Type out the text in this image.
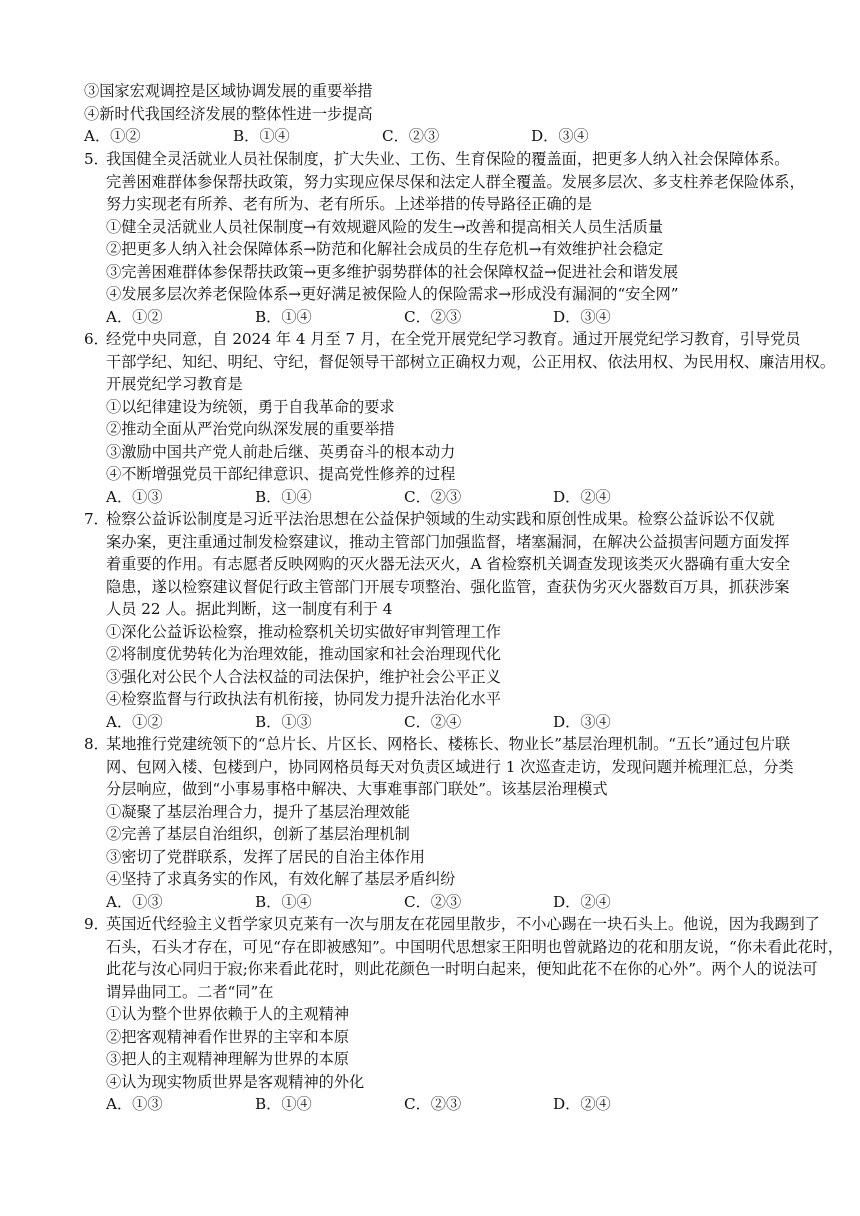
③国家宏观调控是区域协调发展的重要举措
④新时代我国经济发展的整体性进一步提高
A．①②	B．①④	C．②③	D．③④
5．我国健全灵活就业人员社保制度，扩大失业、工伤、生育保险的覆盖面，把更多人纳入社会保障体系。
完善困难群体参保帮扶政策，努力实现应保尽保和法定人群全覆盖。发展多层次、多支柱养老保险体系，
努力实现老有所养、老有所为、老有所乐。上述举措的传导路径正确的是
①健全灵活就业人员社保制度→有效规避风险的发生→改善和提高相关人员生活质量
②把更多人纳入社会保障体系→防范和化解社会成员的生存危机→有效维护社会稳定
③完善困难群体参保帮扶政策→更多维护弱势群体的社会保障权益→促进社会和谐发展
④发展多层次养老保险体系→更好满足被保险人的保险需求→形成没有漏洞的“安全网”
A．①②	B．①④	C．②③	D．③④
6．经党中央同意，自 2024 年 4 月至 7 月，在全党开展党纪学习教育。通过开展党纪学习教育，引导党员
干部学纪、知纪、明纪、守纪，督促领导干部树立正确权力观，公正用权、依法用权、为民用权、廉洁用权。
开展党纪学习教育是
①以纪律建设为统领，勇于自我革命的要求
②推动全面从严治党向纵深发展的重要举措
③激励中国共产党人前赴后继、英勇奋斗的根本动力
④不断增强党员干部纪律意识、提高党性修养的过程
A．①③	B．①④	C．②③	D．②④
7．检察公益诉讼制度是习近平法治思想在公益保护领域的生动实践和原创性成果。检察公益诉讼不仅就
案办案，更注重通过制发检察建议，推动主管部门加强监督，堵塞漏洞，在解决公益损害问题方面发挥
着重要的作用。有志愿者反映网购的灭火器无法灭火，A 省检察机关调查发现该类灭火器确有重大安全
隐患，遂以检察建议督促行政主管部门开展专项整治、强化监管，查获伪劣灭火器数百万具，抓获涉案
人员 22 人。据此判断，这一制度有利于 4
①深化公益诉讼检察，推动检察机关切实做好审判管理工作
②将制度优势转化为治理效能，推动国家和社会治理现代化
③强化对公民个人合法权益的司法保护，维护社会公平正义
④检察监督与行政执法有机衔接，协同发力提升法治化水平
A．①②	B．①③	C．②④	D．③④
8．某地推行党建统领下的“总片长、片区长、网格长、楼栋长、物业长”基层治理机制。“五长”通过包片联
网、包网入楼、包楼到户，协同网格员每天对负责区域进行 1 次巡查走访，发现问题并梳理汇总，分类
分层响应，做到“小事易事格中解决、大事难事部门联处”。该基层治理模式
①凝聚了基层治理合力，提升了基层治理效能
②完善了基层自治组织，创新了基层治理机制
③密切了党群联系，发挥了居民的自治主体作用
④坚持了求真务实的作风，有效化解了基层矛盾纠纷
A．①③	B．①④	C．②③	D．②④
9．英国近代经验主义哲学家贝克莱有一次与朋友在花园里散步，不小心踢在一块石头上。他说，因为我踢到了
石头，石头才存在，可见“存在即被感知”。中国明代思想家王阳明也曾就路边的花和朋友说，“你未看此花时，
此花与汝心同归于寂;你来看此花时，则此花颜色一时明白起来，便知此花不在你的心外”。两个人的说法可
谓异曲同工。二者“同”在
①认为整个世界依赖于人的主观精神
②把客观精神看作世界的主宰和本原
③把人的主观精神理解为世界的本原
④认为现实物质世界是客观精神的外化
A．①③	B．①④	C．②③	D．②④
